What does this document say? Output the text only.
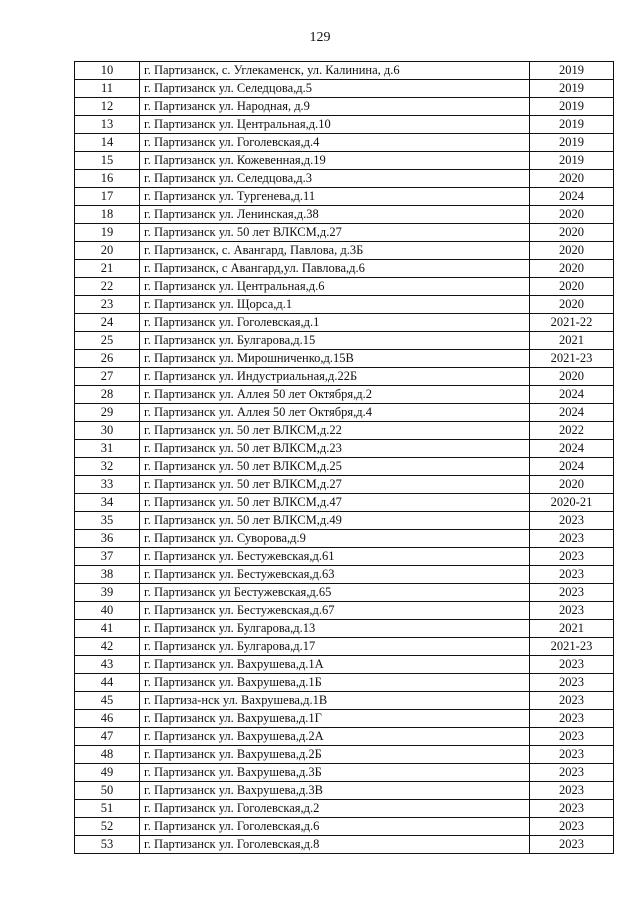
129
10	г. Партизанск, с. Углекаменск, ул. Калинина, д.6	2019
11	г. Партизанск ул. Селедцова,д.5	2019
12	г. Партизанск ул. Народная, д.9	2019
13	г. Партизанск ул. Центральная,д.10	2019
14	г. Партизанск ул. Гоголевская,д.4	2019
15	г. Партизанск ул. Кожевенная,д.19	2019
16	г. Партизанск ул. Селедцова,д.3	2020
17	г. Партизанск ул. Тургенева,д.11	2024
18	г. Партизанск ул. Ленинская,д.38	2020
19	г. Партизанск ул. 50 лет ВЛКСМ,д.27	2020
20	г. Партизанск, с. Авангард, Павлова, д.3Б	2020
21	г. Партизанск, с Авангард,ул. Павлова,д.6	2020
22	г. Партизанск ул. Центральная,д.6	2020
23	г. Партизанск ул. Щорса,д.1	2020
24	г. Партизанск ул. Гоголевская,д.1	2021-22
25	г. Партизанск ул. Булгарова,д.15	2021
26	г. Партизанск ул. Мирошниченко,д.15В	2021-23
27	г. Партизанск ул. Индустриальная,д.22Б	2020
28	г. Партизанск ул. Аллея 50 лет Октября,д.2	2024
29	г. Партизанск ул. Аллея 50 лет Октября,д.4	2024
30	г. Партизанск ул. 50 лет ВЛКСМ,д.22	2022
31	г. Партизанск ул. 50 лет ВЛКСМ,д.23	2024
32	г. Партизанск ул. 50 лет ВЛКСМ,д.25	2024
33	г. Партизанск ул. 50 лет ВЛКСМ,д.27	2020
34	г. Партизанск ул. 50 лет ВЛКСМ,д.47	2020-21
35	г. Партизанск ул. 50 лет ВЛКСМ,д.49	2023
36	г. Партизанск ул. Суворова,д.9	2023
37	г. Партизанск ул. Бестужевская,д.61	2023
38	г. Партизанск ул. Бестужевская,д.63	2023
39	г. Партизанск ул Бестужевская,д.65	2023
40	г. Партизанск ул. Бестужевская,д.67	2023
41	г. Партизанск ул. Булгарова,д.13	2021
42	г. Партизанск ул. Булгарова,д.17	2021-23
43	г. Партизанск ул. Вахрушева,д.1А	2023
44	г. Партизанск ул. Вахрушева,д.1Б	2023
45	г. Партиза-нск ул. Вахрушева,д.1В	2023
46	г. Партизанск ул. Вахрушева,д.1Г	2023
47	г. Партизанск ул. Вахрушева,д.2А	2023
48	г. Партизанск ул. Вахрушева,д.2Б	2023
49	г. Партизанск ул. Вахрушева,д.3Б	2023
50	г. Партизанск ул. Вахрушева,д.3В	2023
51	г. Партизанск ул. Гоголевская,д.2	2023
52	г. Партизанск ул. Гоголевская,д.6	2023
53	г. Партизанск ул. Гоголевская,д.8	2023
